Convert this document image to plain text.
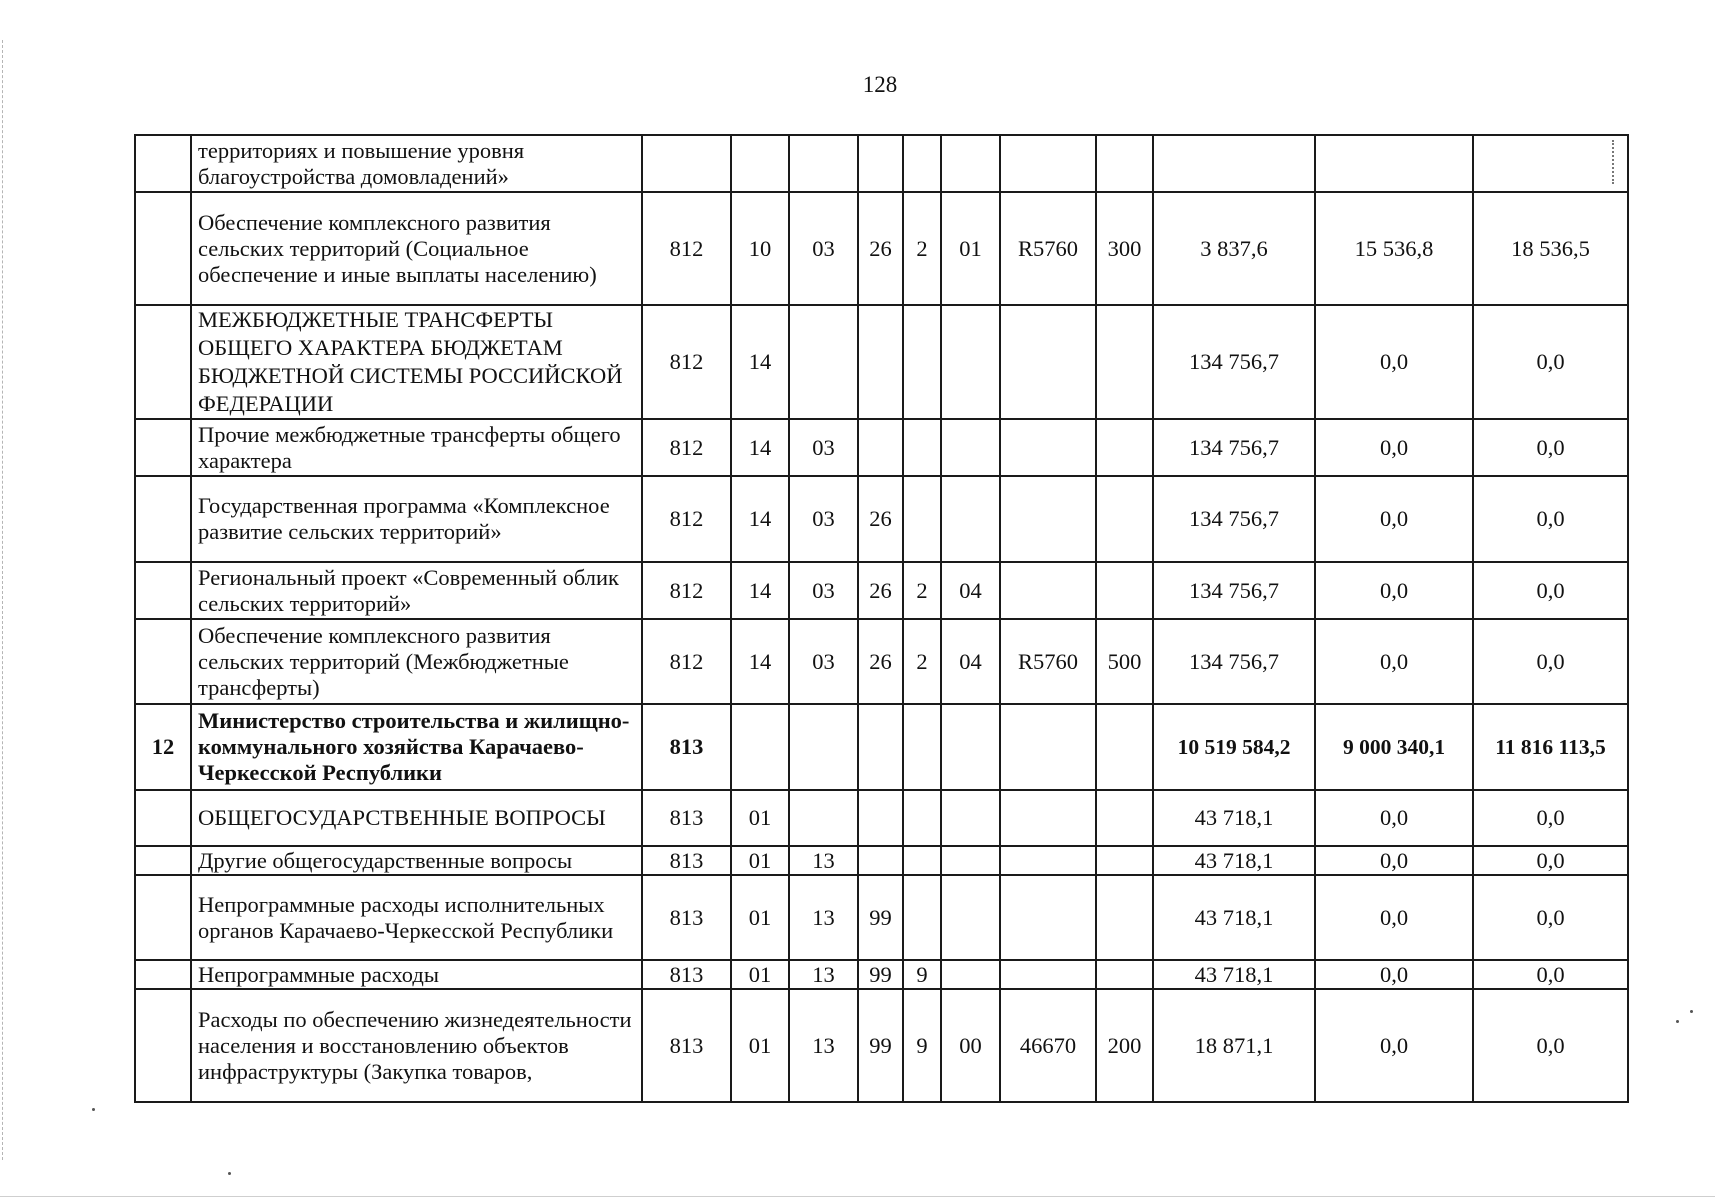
128
	территориях и повышение уровня благоустройства домовладений»											
	Обеспечение комплексного развития сельских территорий (Социальное обеспечение и иные выплаты населению)	812	10	03	26	2	01	R5760	300	3 837,6	15 536,8	18 536,5
	МЕЖБЮДЖЕТНЫЕ ТРАНСФЕРТЫ ОБЩЕГО ХАРАКТЕРА БЮДЖЕТАМ БЮДЖЕТНОЙ СИСТЕМЫ РОССИЙСКОЙ ФЕДЕРАЦИИ	812	14							134 756,7	0,0	0,0
	Прочие межбюджетные трансферты общего характера	812	14	03						134 756,7	0,0	0,0
	Государственная программа «Комплексное развитие сельских территорий»	812	14	03	26					134 756,7	0,0	0,0
	Региональный проект «Современный облик сельских территорий»	812	14	03	26	2	04			134 756,7	0,0	0,0
	Обеспечение комплексного развития сельских территорий (Межбюджетные трансферты)	812	14	03	26	2	04	R5760	500	134 756,7	0,0	0,0
12	Министерство строительства и жилищно-коммунального хозяйства Карачаево-Черкесской Республики	813								10 519 584,2	9 000 340,1	11 816 113,5
	ОБЩЕГОСУДАРСТВЕННЫЕ ВОПРОСЫ	813	01							43 718,1	0,0	0,0
	Другие общегосударственные вопросы	813	01	13						43 718,1	0,0	0,0
	Непрограммные расходы исполнительных органов Карачаево-Черкесской Республики	813	01	13	99					43 718,1	0,0	0,0
	Непрограммные расходы	813	01	13	99	9				43 718,1	0,0	0,0
	Расходы по обеспечению жизнедеятельности населения и восстановлению объектов инфраструктуры (Закупка товаров,	813	01	13	99	9	00	46670	200	18 871,1	0,0	0,0
